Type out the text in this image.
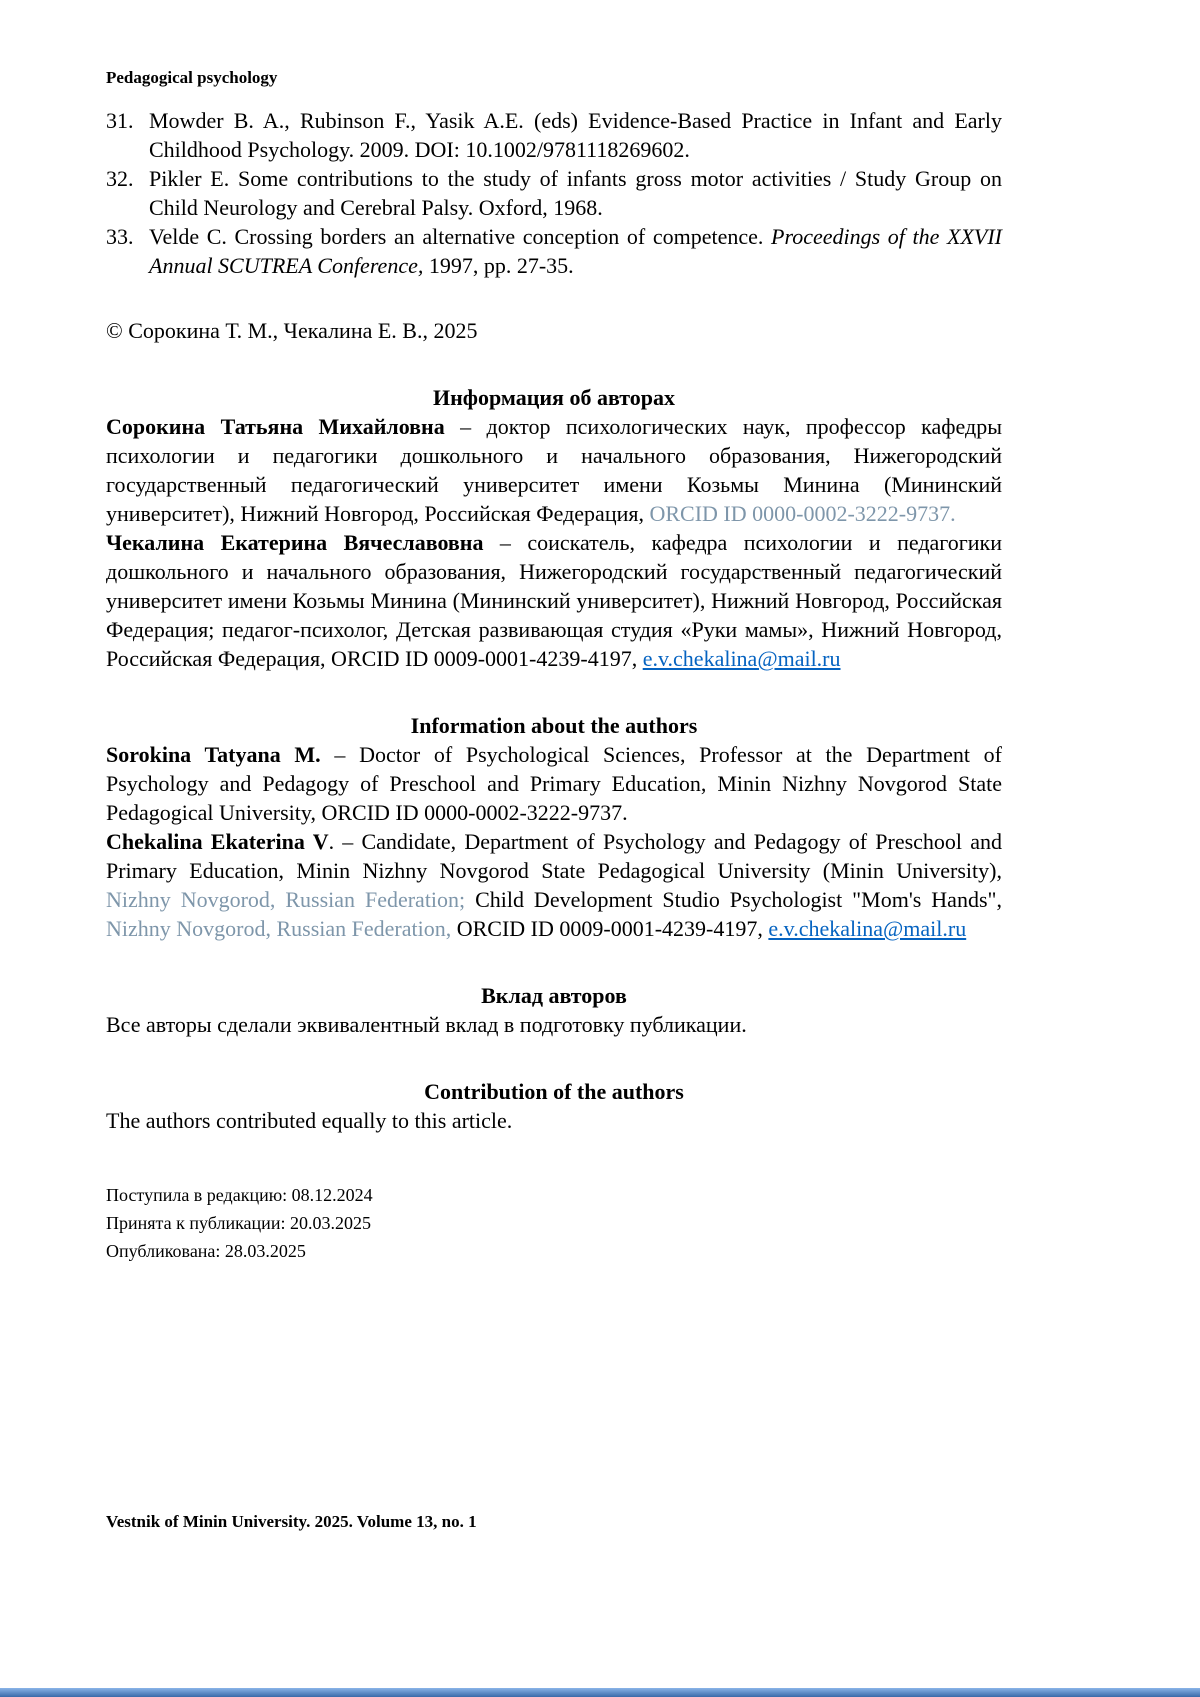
Pedagogical psychology
31. Mowder B. A., Rubinson F., Yasik A.E. (eds) Evidence-Based Practice in Infant and Early Childhood Psychology. 2009. DOI: 10.1002/9781118269602.
32. Pikler E. Some contributions to the study of infants gross motor activities / Study Group on Child Neurology and Cerebral Palsy. Oxford, 1968.
33. Velde C. Crossing borders an alternative conception of competence. Proceedings of the XXVII Annual SCUTREA Conference, 1997, pp. 27-35.

© Сорокина Т. М., Чекалина Е. В., 2025

Информация об авторах

Сорокина Татьяна Михайловна – доктор психологических наук, профессор кафедры психологии и педагогики дошкольного и начального образования, Нижегородский государственный педагогический университет имени Козьмы Минина (Мининский университет), Нижний Новгород, Российская Федерация, ORCID ID 0000-0002-3222-9737.

Чекалина Екатерина Вячеславовна – соискатель, кафедра психологии и педагогики дошкольного и начального образования, Нижегородский государственный педагогический университет имени Козьмы Минина (Мининский университет), Нижний Новгород, Российская Федерация; педагог-психолог, Детская развивающая студия «Руки мамы», Нижний Новгород, Российская Федерация, ORCID ID 0009-0001-4239-4197, e.v.chekalina@mail.ru

Information about the authors

Sorokina Tatyana M. – Doctor of Psychological Sciences, Professor at the Department of Psychology and Pedagogy of Preschool and Primary Education, Minin Nizhny Novgorod State Pedagogical University, ORCID ID 0000-0002-3222-9737.

Chekalina Ekaterina V. – Candidate, Department of Psychology and Pedagogy of Preschool and Primary Education, Minin Nizhny Novgorod State Pedagogical University (Minin University), Nizhny Novgorod, Russian Federation; Child Development Studio Psychologist "Mom's Hands", Nizhny Novgorod, Russian Federation, ORCID ID 0009-0001-4239-4197, e.v.chekalina@mail.ru

Вклад авторов

Все авторы сделали эквивалентный вклад в подготовку публикации.

Contribution of the authors

The authors contributed equally to this article.

Поступила в редакцию: 08.12.2024
Принята к публикации: 20.03.2025
Опубликована: 28.03.2025
Vestnik of Minin University. 2025. Volume 13, no. 1
